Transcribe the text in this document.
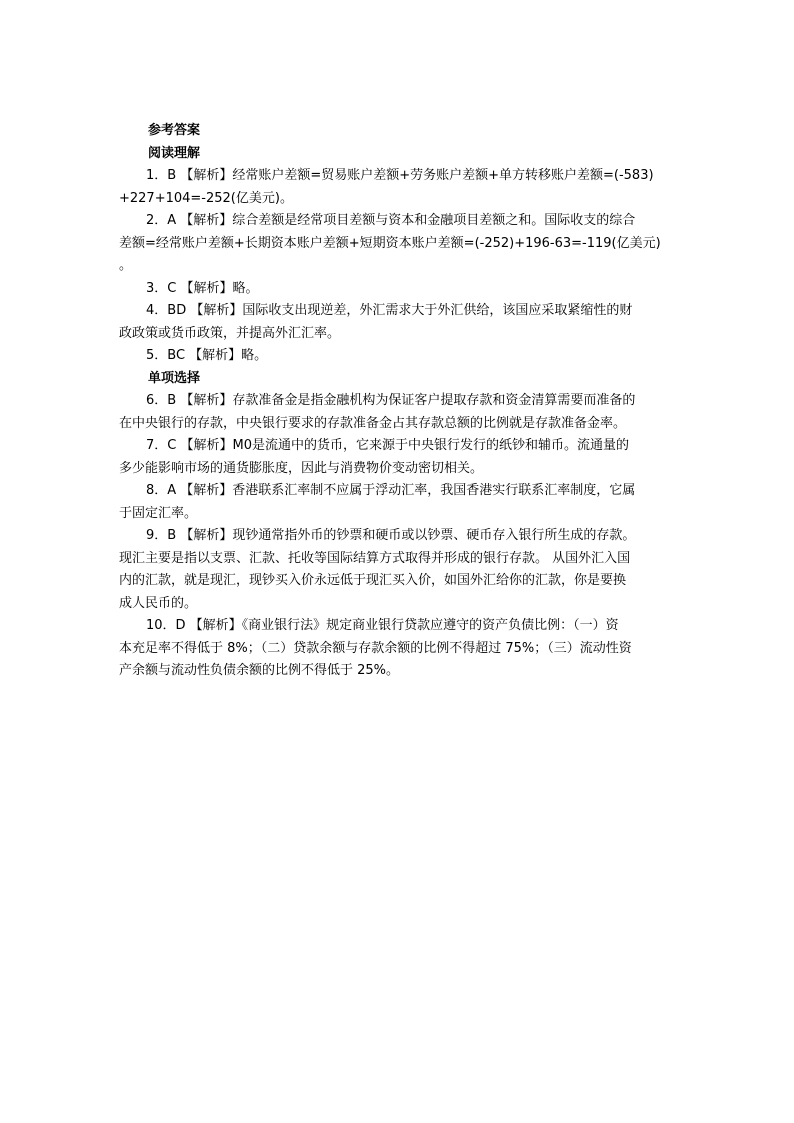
参考答案
阅读理解
1．B 【解析】经常账户差额=贸易账户差额+劳务账户差额+单方转移账户差额=(-583)
+227+104=-252(亿美元)。
2．A 【解析】综合差额是经常项目差额与资本和金融项目差额之和。国际收支的综合
差额=经常账户差额+长期资本账户差额+短期资本账户差额=(-252)+196-63=-119(亿美元)
。
3．C 【解析】略。
4．BD 【解析】国际收支出现逆差，外汇需求大于外汇供给，该国应采取紧缩性的财
政政策或货币政策，并提高外汇汇率。
5．BC 【解析】略。
单项选择
6．B 【解析】存款准备金是指金融机构为保证客户提取存款和资金清算需要而准备的
在中央银行的存款，中央银行要求的存款准备金占其存款总额的比例就是存款准备金率。
7．C 【解析】M0是流通中的货币，它来源于中央银行发行的纸钞和辅币。流通量的
多少能影响市场的通货膨胀度，因此与消费物价变动密切相关。
8．A 【解析】香港联系汇率制不应属于浮动汇率，我国香港实行联系汇率制度，它属
于固定汇率。
9．B 【解析】现钞通常指外币的钞票和硬币或以钞票、硬币存入银行所生成的存款。
现汇主要是指以支票、汇款、托收等国际结算方式取得并形成的银行存款。 从国外汇入国
内的汇款，就是现汇，现钞买入价永远低于现汇买入价，如国外汇给你的汇款，你是要换
成人民币的。
10．D 【解析】《商业银行法》规定商业银行贷款应遵守的资产负债比例：（一）资
本充足率不得低于 8%；（二）贷款余额与存款余额的比例不得超过 75%；（三）流动性资
产余额与流动性负债余额的比例不得低于 25%。
